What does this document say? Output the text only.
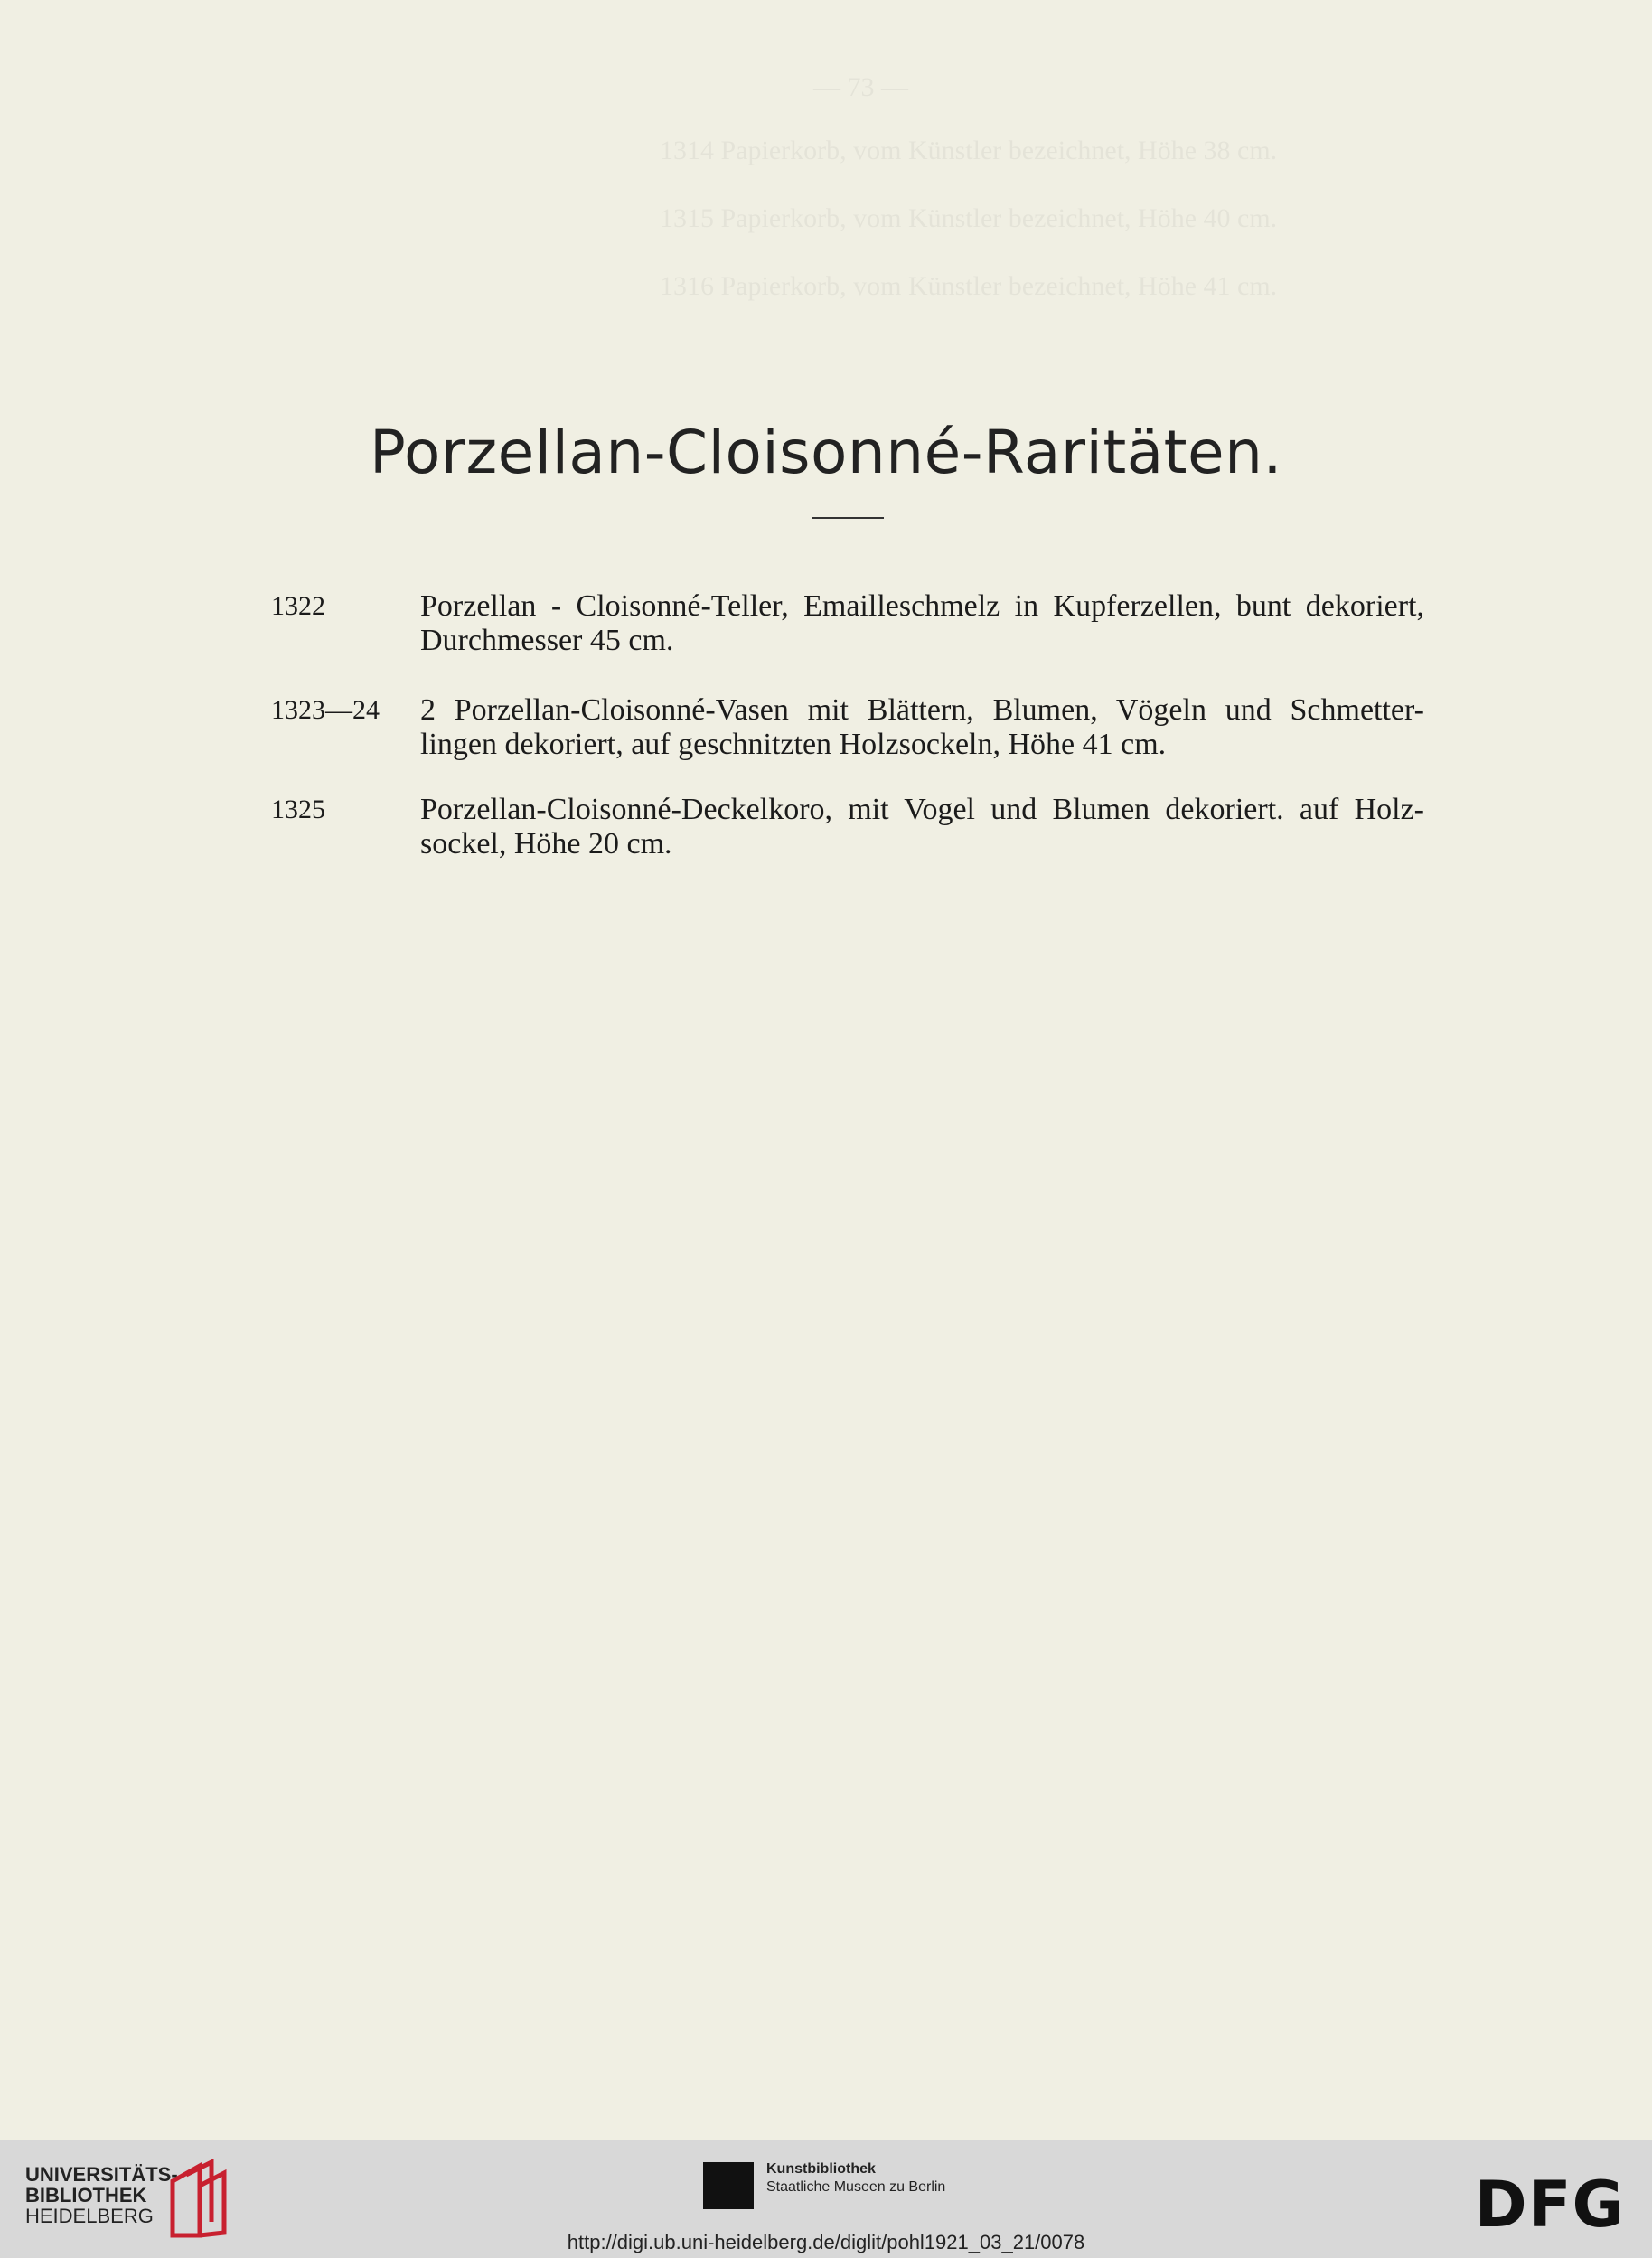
— 73 —
1314 Papierkorb, vom Künstler bezeichnet, Höhe 38 cm.
1315 Papierkorb, vom Künstler bezeichnet, Höhe 40 cm.
1316 Papierkorb, vom Künstler bezeichnet, Höhe 41 cm.
Porzellan-Cloisonné-Raritäten.
1322	Porzellan - Cloisonné-Teller, Emailleschmelz in Kupferzellen, bunt dekoriert,
Durchmesser 45 cm.
1323—24	2 Porzellan-Cloisonné-Vasen mit Blättern, Blumen, Vögeln und Schmetter-
lingen dekoriert, auf geschnitzten Holzsockeln, Höhe 41 cm.
1325	Porzellan-Cloisonné-Deckelkoro, mit Vogel und Blumen dekoriert. auf Holz-
sockel, Höhe 20 cm.
UNIVERSITÄTS-
BIBLIOTHEK
HEIDELBERG
Kunstbibliothek
Staatliche Museen zu Berlin	DFG
http://digi.ub.uni-heidelberg.de/diglit/pohl1921_03_21/0078
